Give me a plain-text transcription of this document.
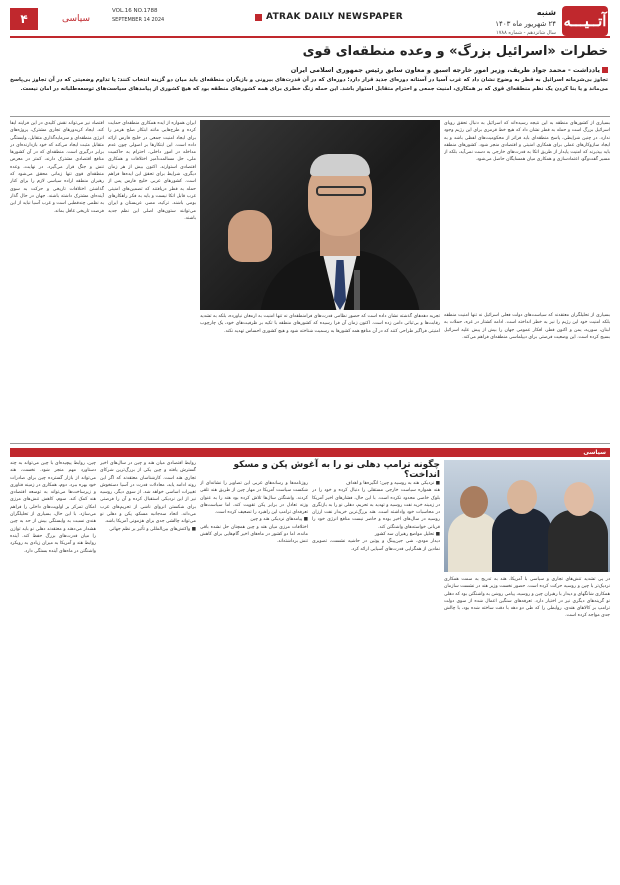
آتــیـــه
شنبه
۲۴ شهریور ماه ۱۴۰۳
سال شانزدهم - شماره ۱۷۸۸
ATRAK DAILY NEWSPAPER
سیاسی
VOL.16 NO.1788
SEPTEMBER 14 2024
۴
خطرات «اسرائیل بزرگ» و وعده منطقه‌ای قوی
یادداشت - محمد جواد ظریف، وزیر امور خارجه اسبق و معاون سابق رئیس جمهوری اسلامی ایران
تجاوز بی‌شرمانه اسرائیل به قطر به وضوح نشان داد که غرب آسیا در آستانه دوره‌ای جدید قرار دارد؛ دوره‌ای که در آن قدرت‌های بیرونی و بازیگران منطقه‌ای باید میان دو گزینه انتخاب کنند: یا تداوم وضعیتی که در آن تجاوز بی‌پاسخ می‌ماند و یا بنا کردن یک نظم منطقه‌ای قوی که بر همکاری، امنیت جمعی و احترام متقابل استوار باشد. این حمله زنگ خطری برای همه کشورهای منطقه بود که هیچ کشوری از پیامدهای سیاست‌های توسعه‌طلبانه در امان نیست.
بسیاری از کشورهای منطقه به این نتیجه رسیده‌اند که اسرائیل به دنبال تحقق رویای اسرائیل بزرگ است و حمله به قطر نشان داد که هیچ خط قرمزی برای این رژیم وجود ندارد. در چنین شرایطی، پاسخ منطقه‌ای باید فراتر از محکومیت‌های لفظی باشد و به ایجاد سازوکارهای عملی برای همکاری امنیتی و اقتصادی منجر شود. کشورهای منطقه باید بپذیرند که امنیت پایدار از طریق اتکا به قدرت‌های خارجی به دست نمی‌آید، بلکه از مسیر گفت‌وگو، اعتمادسازی و همکاری میان همسایگان حاصل می‌شود.
بسیاری از تحلیلگران معتقدند که سیاست‌های دولت فعلی اسرائیل نه تنها امنیت منطقه بلکه امنیت خود این رژیم را نیز به خطر انداخته است. ادامه کشتار در غزه، حملات به لبنان، سوریه، یمن و اکنون قطر، افکار عمومی جهان را بیش از پیش علیه اسرائیل بسیج کرده است. این وضعیت فرصتی برای دیپلماسی منطقه‌ای فراهم می‌کند.
تجربه دهه‌های گذشته نشان داده است که حضور نظامی قدرت‌های فرامنطقه‌ای نه تنها امنیت به ارمغان نیاورده، بلکه به تشدید رقابت‌ها و بی‌ثباتی دامن زده است. اکنون زمان آن فرا رسیده که کشورهای منطقه با تکیه بر ظرفیت‌های خود، یک چارچوب امنیتی فراگیر طراحی کنند که در آن منافع همه کشورها به رسمیت شناخته شود و هیچ کشوری احساس تهدید نکند.
ایران همواره از ایده همکاری منطقه‌ای حمایت کرده و طرح‌هایی مانند ابتکار صلح هرمز را برای ایجاد امنیت جمعی در خلیج فارس ارائه داده است. این ابتکارها بر اصولی چون عدم مداخله در امور داخلی، احترام به حاکمیت ملی، حل مسالمت‌آمیز اختلافات و همکاری اقتصادی استوارند. اکنون بیش از هر زمان دیگری، شرایط برای تحقق این ایده‌ها فراهم است. کشورهای عربی خلیج فارس پس از حمله به قطر دریافتند که تضمین‌های امنیتی غرب قابل اتکا نیست و باید به فکر راهکارهای بومی باشند. ترکیه، مصر، عربستان و ایران می‌توانند ستون‌های اصلی این نظم جدید باشند.
اقتصاد نیز می‌تواند نقش کلیدی در این فرایند ایفا کند. ایجاد کریدورهای تجاری مشترک، پروژه‌های انرژی منطقه‌ای و سرمایه‌گذاری متقابل، وابستگی متقابل مثبت ایجاد می‌کند که خود بازدارنده‌ای در برابر درگیری است. منطقه‌ای که در آن کشورها منافع اقتصادی مشترک دارند، کمتر در معرض تنش و جنگ قرار می‌گیرد. در نهایت، وعده منطقه‌ای قوی تنها زمانی محقق می‌شود که رهبران منطقه اراده سیاسی لازم را برای کنار گذاشتن اختلافات تاریخی و حرکت به سوی آینده‌ای مشترک داشته باشند. جهان در حال گذار به نظمی چندقطبی است و غرب آسیا نباید از این فرصت تاریخی غافل بماند.
سیاسی
چگونه ترامپ دهلی نو را به آغوش پکن و مسکو انداخت؟
در پی تشدید تنش‌های تجاری و سیاسی با آمریکا، هند به تدریج به سمت همکاری نزدیک‌تر با چین و روسیه حرکت کرده است. حضور نخست وزیر هند در نشست سازمان همکاری شانگهای و دیدار با رهبران چین و روسیه، پیامی روشن به واشنگتن بود که دهلی نو گزینه‌های دیگری نیز در اختیار دارد. تعرفه‌های سنگین اعمال شده از سوی دولت ترامپ بر کالاهای هندی، روابطی را که طی دو دهه با دقت ساخته شده بود، با چالش جدی مواجه کرده است.
■ نزدیکی هند به روسیه و چین؛ انگیزه‌ها و اهداف
هند همواره سیاست خارجی مستقلی را دنبال کرده و خود را در بلوک خاصی محدود نکرده است. با این حال، فشارهای اخیر آمریکا در زمینه خرید نفت روسیه و تهدید به تحریم، دهلی نو را به بازنگری در محاسبات خود واداشته است. هند بزرگ‌ترین خریدار نفت ارزان روسیه در سال‌های اخیر بوده و حاضر نیست منافع انرژی خود را قربانی خواسته‌های واشنگتن کند.
■ تحلیل مواضع رهبران سه کشور
دیدار مودی، شی جین‌پینگ و پوتین در حاشیه نشست، تصویری نمادین از همگرایی قدرت‌های آسیایی ارائه کرد.
روزنامه‌ها و رسانه‌های غربی این تصاویر را نشانه‌ای از شکست سیاست آمریکا در مهار چین از طریق هند تلقی کردند. واشنگتن سال‌ها تلاش کرده بود هند را به عنوان وزنه تعادل در برابر پکن تقویت کند، اما سیاست‌های تعرفه‌ای ترامپ این راهبرد را تضعیف کرده است.
■ پیامدهای نزدیکی هند و چین
اختلافات مرزی میان هند و چین همچنان حل نشده باقی مانده، اما دو کشور در ماه‌های اخیر گام‌هایی برای کاهش تنش برداشته‌اند.
روابط اقتصادی میان هند و چین در سال‌های اخیر گسترش یافته و چین یکی از بزرگ‌ترین شرکای تجاری هند است. کارشناسان معتقدند که اگر این روند ادامه یابد، معادلات قدرت در آسیا دستخوش تغییرات اساسی خواهد شد. از سوی دیگر، روسیه نیز از این نزدیکی استقبال کرده و آن را فرصتی برای شکستن انزوای ناشی از تحریم‌های غرب می‌داند. اتحاد سه‌جانبه مسکو، پکن و دهلی نو می‌تواند چالشی جدی برای هژمونی آمریکا باشد.
■ واکنش‌های بین‌المللی و تأثیر بر نظم جهانی
چین، روابط پیچیده‌ای با چین می‌تواند به چند دستاورد مهم منجر شود. نخست، هند می‌تواند از بازار گسترده چین برای صادرات خود بهره ببرد. دوم، همکاری در زمینه فناوری و زیرساخت‌ها می‌تواند به توسعه اقتصادی هند کمک کند. سوم، کاهش تنش‌های مرزی امکان تمرکز بر اولویت‌های داخلی را فراهم می‌سازد. با این حال، بسیاری از تحلیلگران هندی نسبت به وابستگی بیش از حد به چین هشدار می‌دهند و معتقدند دهلی نو باید توازن را میان قدرت‌های بزرگ حفظ کند. آینده روابط هند و آمریکا به میزان زیادی به رویکرد واشنگتن در ماه‌های آینده بستگی دارد.
